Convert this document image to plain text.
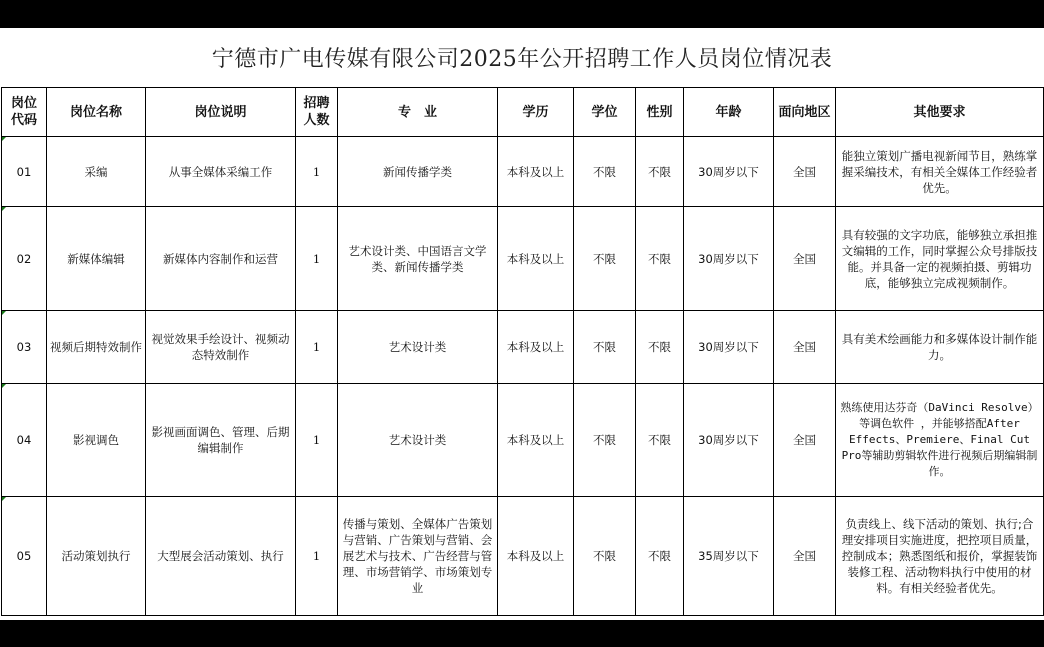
宁德市广电传媒有限公司2025年公开招聘工作人员岗位情况表
岗位代码	岗位名称	岗位说明	招聘人数	专　业	学历	学位	性别	年龄	面向地区	其他要求
01	采编	从事全媒体采编工作	1	新闻传播学类	本科及以上	不限	不限	30周岁以下	全国	能独立策划广播电视新闻节目，熟练掌握采编技术，有相关全媒体工作经验者优先。
02	新媒体编辑	新媒体内容制作和运营	1	艺术设计类、中国语言文学类、新闻传播学类	本科及以上	不限	不限	30周岁以下	全国	具有较强的文字功底，能够独立承担推文编辑的工作，同时掌握公众号排版技能。并具备一定的视频拍摄、剪辑功底，能够独立完成视频制作。
03	视频后期特效制作	视觉效果手绘设计、视频动态特效制作	1	艺术设计类	本科及以上	不限	不限	30周岁以下	全国	具有美术绘画能力和多媒体设计制作能力。
04	影视调色	影视画面调色、管理、后期编辑制作	1	艺术设计类	本科及以上	不限	不限	30周岁以下	全国	熟练使用达芬奇（DaVinci Resolve）等调色软件 ，并能够搭配After Effects、Premiere、Final Cut Pro等辅助剪辑软件进行视频后期编辑制作。
05	活动策划执行	大型展会活动策划、执行	1	传播与策划、全媒体广告策划与营销、广告策划与营销、会展艺术与技术、广告经营与管理、市场营销学、市场策划专业	本科及以上	不限	不限	35周岁以下	全国	负责线上、线下活动的策划、执行;合理安排项目实施进度，把控项目质量，控制成本；熟悉图纸和报价，掌握装饰装修工程、活动物料执行中使用的材料。有相关经验者优先。
